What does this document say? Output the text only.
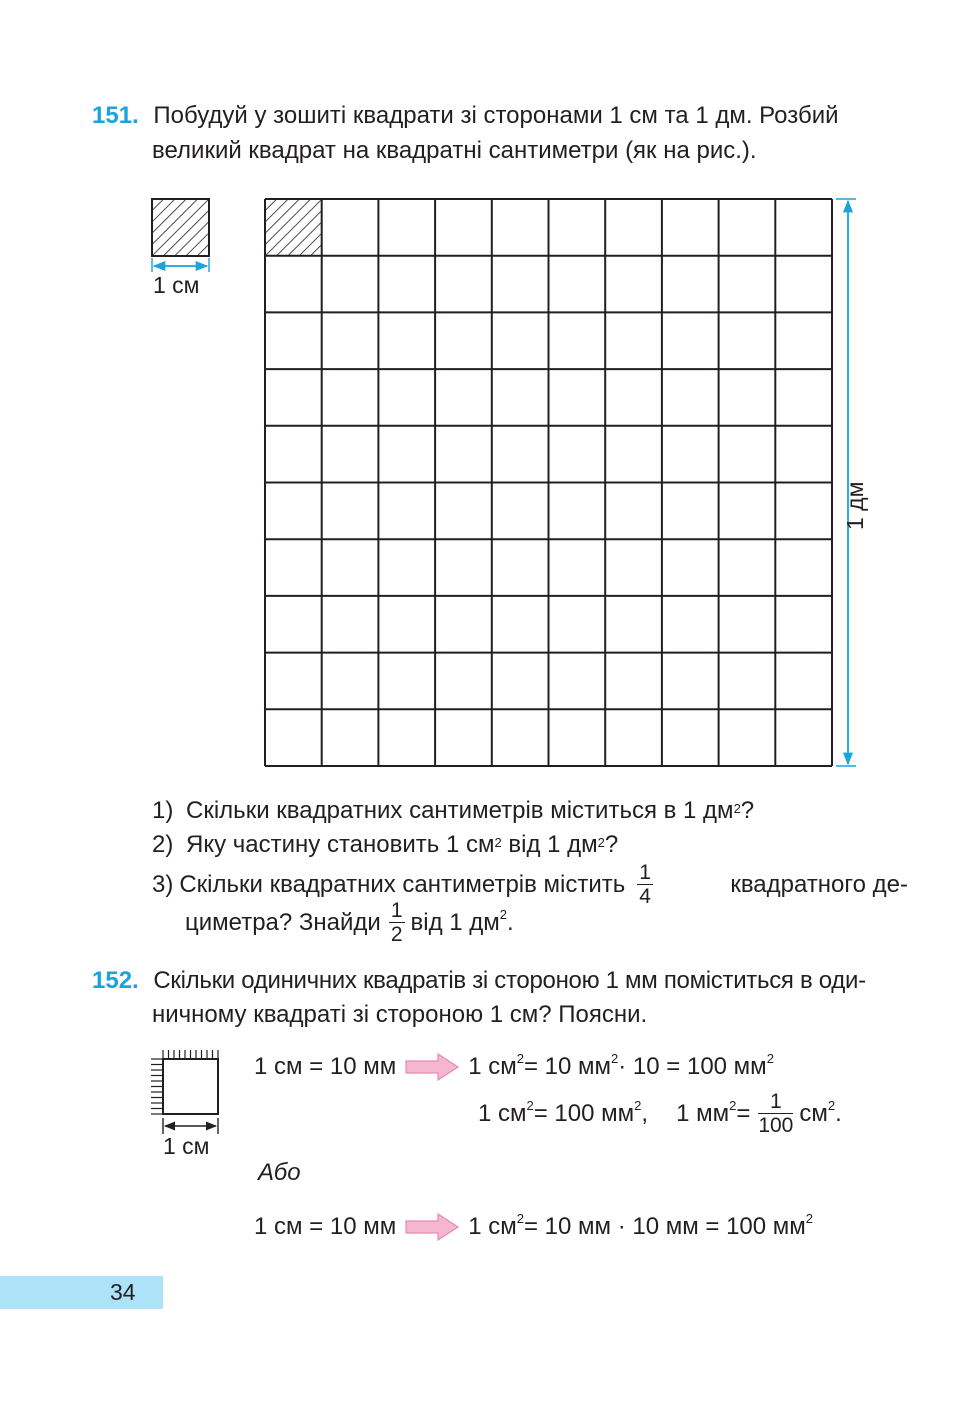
151. Побудуй у зошиті квадрати зі сторонами 1 см та 1 дм. Розбий
великий квадрат на квадратні сантиметри (як на рис.).
1 см
1 дм
1) Скільки квадратних сантиметрів міститься в 1 $дм^2$?
2) Яку частину становить 1 $см^2$ від 1 $дм^2$?
3) Скільки квадратних сантиметрів містить $\frac{1}{4}$	квадратного де-
циметра? Знайди $\frac{1}{2}$ від 1 $дм^2$ .
152. Скільки одиничних квадратів зі стороною 1 мм поміститься в оди-
ничному квадраті зі стороною 1 см? Поясни.
1 см
1 см = 10 мм	1 $см^2 = 10$ $мм^2 \cdot 10 = 100$ $мм^2$
1 $см^2 = 100$ $мм^2$ , 1 $мм^2 = \frac{1}{100} см^2$ .
Або
1 см = 10 мм	1 $см^2 = 10$ мм · 10 мм = 100 $мм^2$
34
